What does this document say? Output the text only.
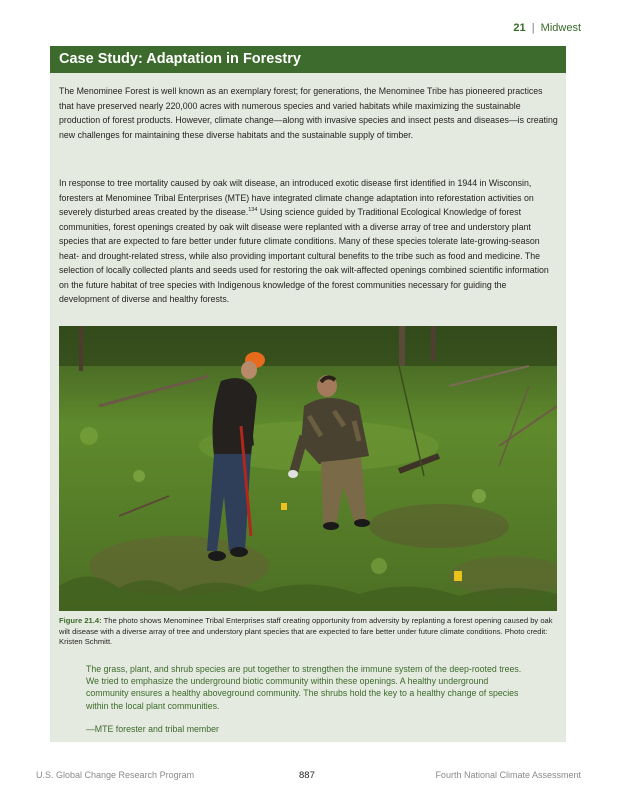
21 | Midwest
Case Study: Adaptation in Forestry

The Menominee Forest is well known as an exemplary forest; for generations, the Menominee Tribe has pioneered practices that have preserved nearly 220,000 acres with numerous species and varied habitats while maximizing the sustainable production of forest products. However, climate change—along with invasive species and insect pests and diseases—is creating new challenges for maintaining these diverse habitats and the sustainable supply of timber.

In response to tree mortality caused by oak wilt disease, an introduced exotic disease first identified in 1944 in Wisconsin, foresters at Menominee Tribal Enterprises (MTE) have integrated climate change adaptation into reforestation activities on severely disturbed areas created by the disease.$^{134}$ Using science guided by Traditional Ecological Knowledge of forest communities, forest openings created by oak wilt disease were replanted with a diverse array of tree and understory plant species that are expected to fare better under future climate conditions. Many of these species tolerate late-growing-season heat- and drought-related stress, while also providing important cultural benefits to the tribe such as food and medicine. The selection of locally collected plants and seeds used for restoring the oak wilt-affected openings combined scientific information on the future habitat of tree species with Indigenous knowledge of the forest communities necessary for guiding the development of diverse and healthy forests.

Figure 21.4: The photo shows Menominee Tribal Enterprises staff creating opportunity from adversity by replanting a forest opening caused by oak wilt disease with a diverse array of tree and understory plant species that are expected to fare better under future climate conditions. Photo credit: Kristen Schmitt.

The grass, plant, and shrub species are put together to strengthen the immune system of the deep-rooted trees. We tried to emphasize the underground biotic community within these openings. A healthy underground community ensures a healthy aboveground community. The shrubs hold the key to a healthy change of species within the local plant communities.

—MTE forester and tribal member
U.S. Global Change Research Program	887	Fourth National Climate Assessment
